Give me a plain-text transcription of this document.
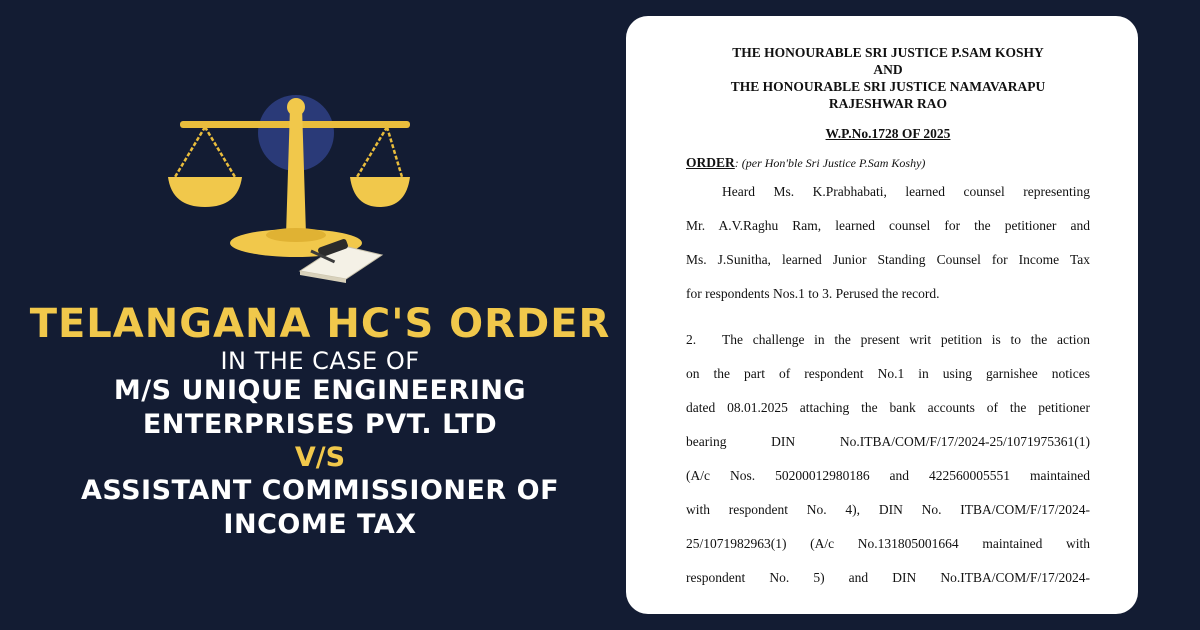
TELANGANA HC'S ORDER
IN THE CASE OF
M/S UNIQUE ENGINEERING
ENTERPRISES PVT. LTD
V/S
ASSISTANT COMMISSIONER OF
INCOME TAX
THE HONOURABLE SRI JUSTICE P.SAM KOSHY
AND
THE HONOURABLE SRI JUSTICE NAMAVARAPU
RAJESHWAR RAO
W.P.No.1728 OF 2025
ORDER: (per Hon'ble Sri Justice P.Sam Koshy)
Heard Ms. K.Prabhabati, learned counsel representing
Mr. A.V.Raghu Ram, learned counsel for the petitioner and
Ms. J.Sunitha, learned Junior Standing Counsel for Income Tax
for respondents Nos.1 to 3. Perused the record.
2. The challenge in the present writ petition is to the action
on the part of respondent No.1 in using garnishee notices
dated 08.01.2025 attaching the bank accounts of the petitioner
bearing DIN No.ITBA/COM/F/17/2024-25/1071975361(1)
(A/c Nos. 50200012980186 and 422560005551 maintained
with respondent No. 4), DIN No. ITBA/COM/F/17/2024-
25/1071982963(1) (A/c No.131805001664 maintained with
respondent No. 5) and DIN No.ITBA/COM/F/17/2024-
